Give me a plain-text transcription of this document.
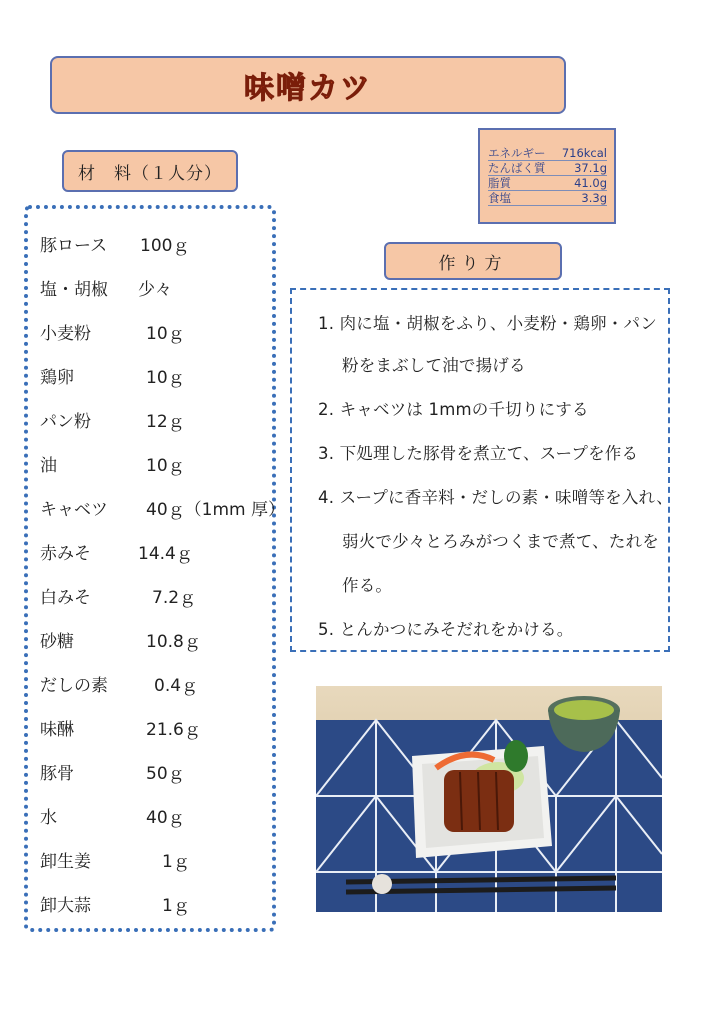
味噌カツ
材　料（１人分）
豚ロース 100ｇ
塩・胡椒 少々
小麦粉	10ｇ
鶏卵	10ｇ
パン粉	12ｇ
油	10ｇ
キャベツ 40ｇ（1mm 厚）
赤みそ	14.4ｇ
白みそ	7.2ｇ
砂糖	10.8ｇ
だしの素	0.4ｇ
味醂	21.6ｇ
豚骨	50ｇ
水	40ｇ
卸生姜	1ｇ
卸大蒜	1ｇ
エネルギー 716kcal
たんぱく質 37.1g
脂質	41.0g
食塩	3.3g
作り方
1. 肉に塩・胡椒をふり、小麦粉・鶏卵・パン
粉をまぶして油で揚げる
2. キャベツは 1mmの千切りにする
3. 下処理した豚骨を煮立て、スープを作る
4. スープに香辛料・だしの素・味噌等を入れ、
弱火で少々とろみがつくまで煮て、たれを
作る。
5. とんかつにみそだれをかける。
